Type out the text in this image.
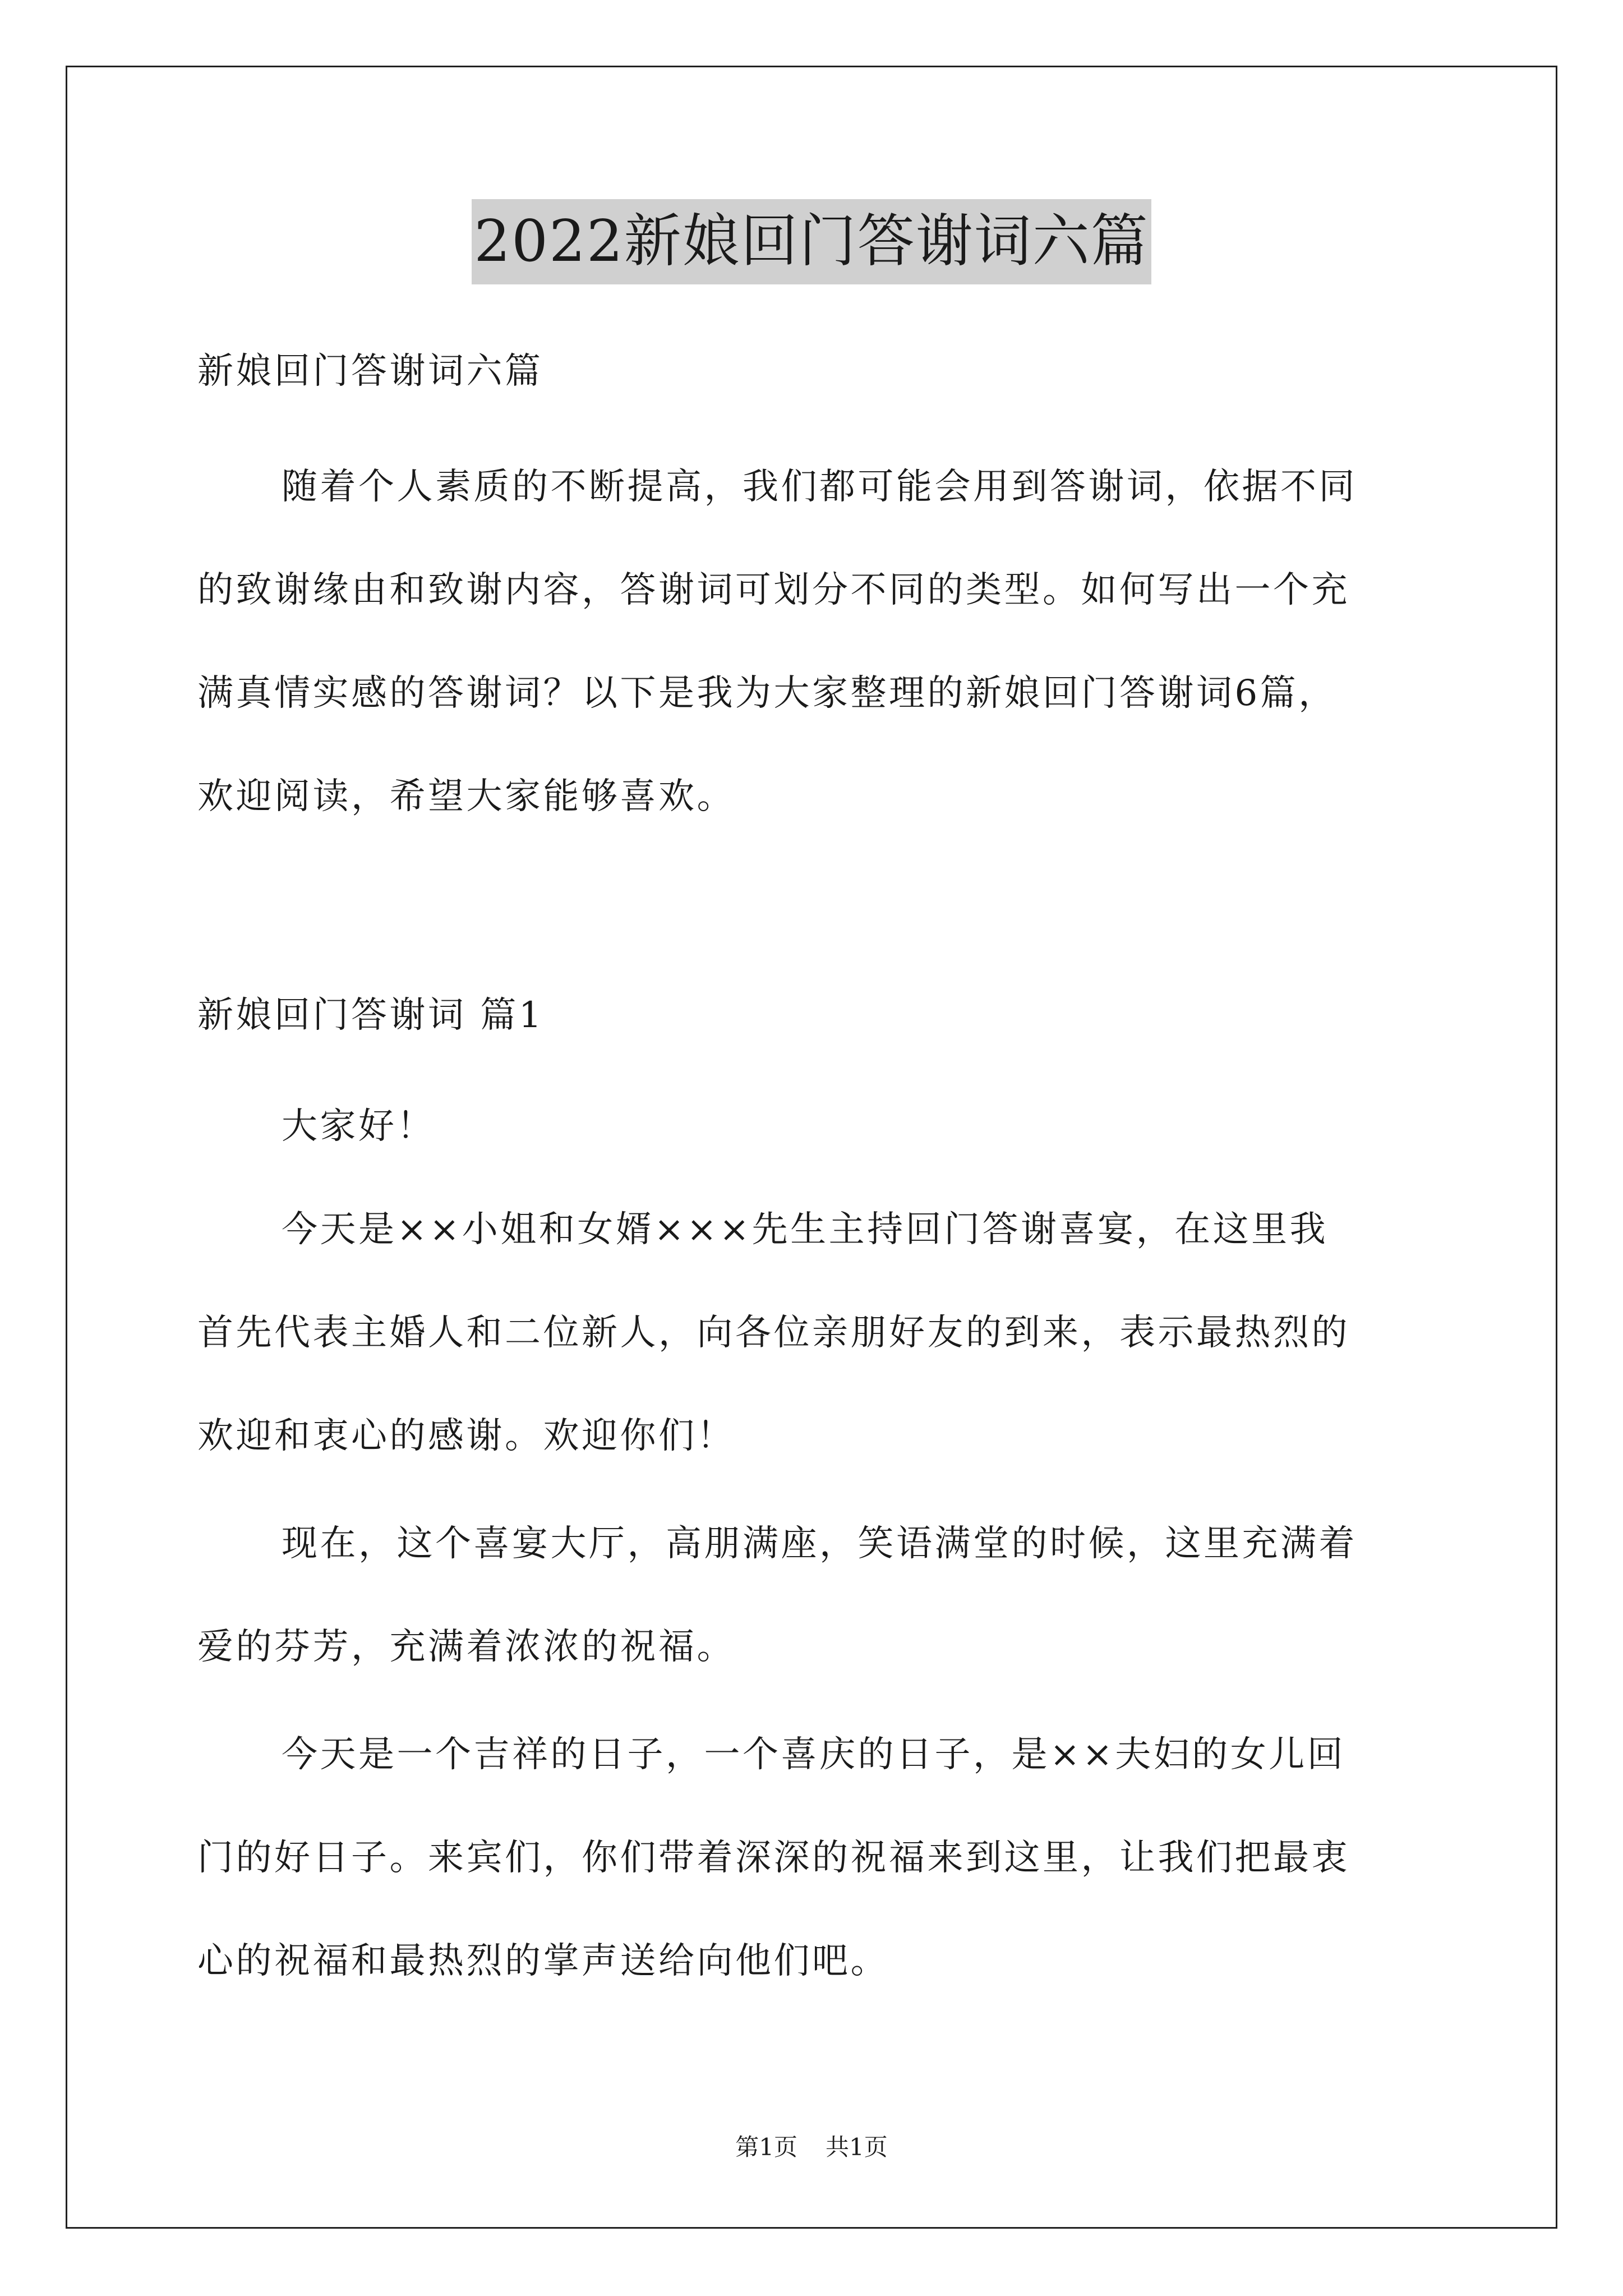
2022新娘回门答谢词六篇
新娘回门答谢词六篇
随着个人素质的不断提高，我们都可能会用到答谢词，依据不同
的致谢缘由和致谢内容，答谢词可划分不同的类型。如何写出一个充
满真情实感的答谢词？以下是我为大家整理的新娘回门答谢词6篇，
欢迎阅读，希望大家能够喜欢。
新娘回门答谢词 篇1
大家好！
今天是××小姐和女婿×××先生主持回门答谢喜宴，在这里我
首先代表主婚人和二位新人，向各位亲朋好友的到来，表示最热烈的
欢迎和衷心的感谢。欢迎你们！
现在，这个喜宴大厅，高朋满座，笑语满堂的时候，这里充满着
爱的芬芳，充满着浓浓的祝福。
今天是一个吉祥的日子，一个喜庆的日子，是××夫妇的女儿回
门的好日子。来宾们，你们带着深深的祝福来到这里，让我们把最衷
心的祝福和最热烈的掌声送给向他们吧。
第1页 共1页
